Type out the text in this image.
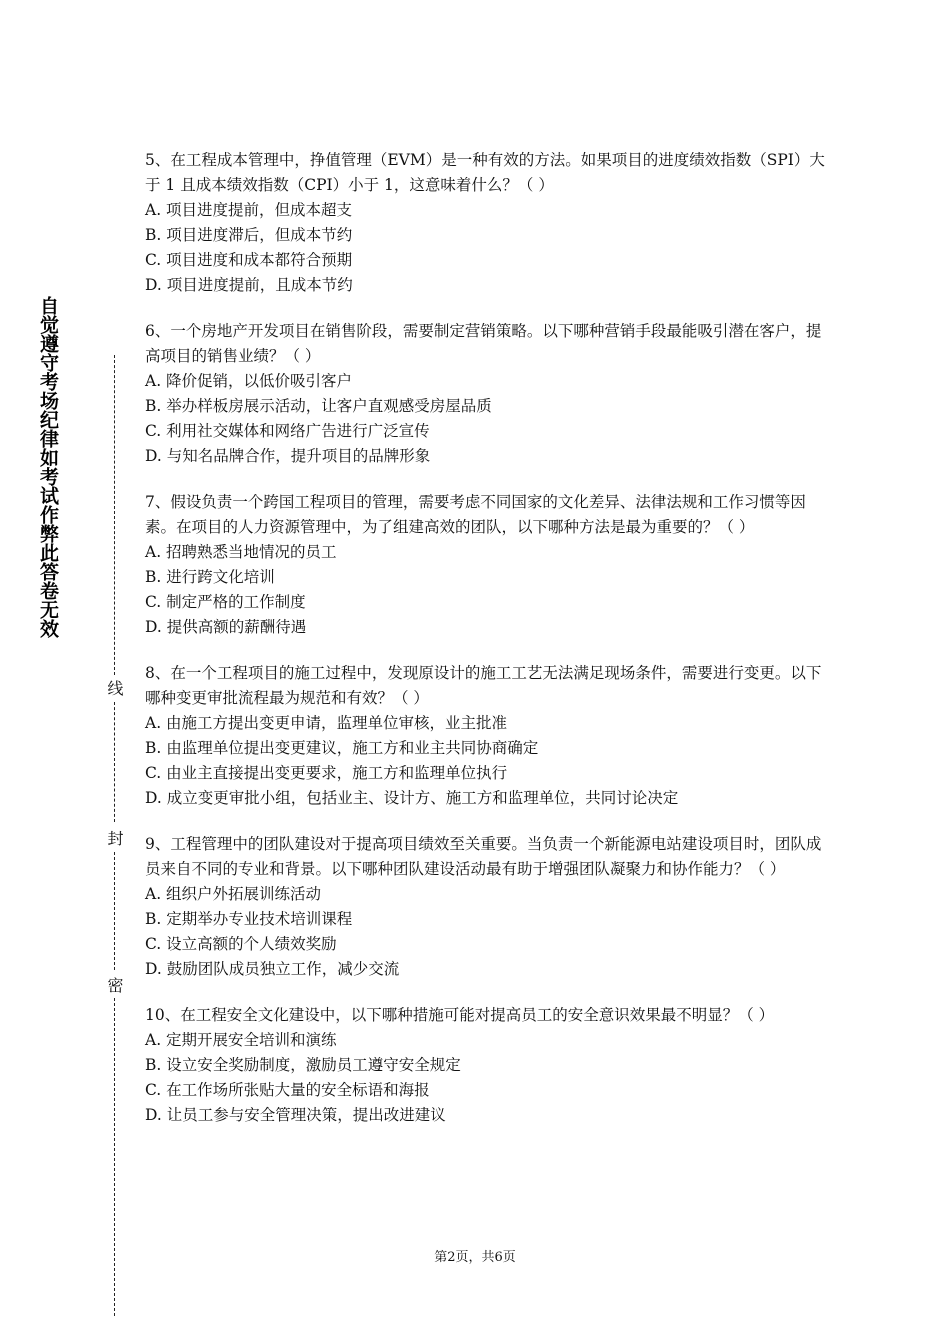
自觉遵守考场纪律如考试作弊此答卷无效
线
封
密

5、在工程成本管理中，挣值管理（EVM）是一种有效的方法。如果项目的进度绩效指数（SPI）大于 1 且成本绩效指数（CPI）小于 1，这意味着什么？（ ）

A. 项目进度提前，但成本超支

B. 项目进度滞后，但成本节约

C. 项目进度和成本都符合预期

D. 项目进度提前，且成本节约

6、一个房地产开发项目在销售阶段，需要制定营销策略。以下哪种营销手段最能吸引潜在客户，提高项目的销售业绩？（ ）

A. 降价促销，以低价吸引客户

B. 举办样板房展示活动，让客户直观感受房屋品质

C. 利用社交媒体和网络广告进行广泛宣传

D. 与知名品牌合作，提升项目的品牌形象

7、假设负责一个跨国工程项目的管理，需要考虑不同国家的文化差异、法律法规和工作习惯等因素。在项目的人力资源管理中，为了组建高效的团队，以下哪种方法是最为重要的？（ ）

A. 招聘熟悉当地情况的员工

B. 进行跨文化培训

C. 制定严格的工作制度

D. 提供高额的薪酬待遇

8、在一个工程项目的施工过程中，发现原设计的施工工艺无法满足现场条件，需要进行变更。以下哪种变更审批流程最为规范和有效？（ ）

A. 由施工方提出变更申请，监理单位审核，业主批准

B. 由监理单位提出变更建议，施工方和业主共同协商确定

C. 由业主直接提出变更要求，施工方和监理单位执行

D. 成立变更审批小组，包括业主、设计方、施工方和监理单位，共同讨论决定

9、工程管理中的团队建设对于提高项目绩效至关重要。当负责一个新能源电站建设项目时，团队成员来自不同的专业和背景。以下哪种团队建设活动最有助于增强团队凝聚力和协作能力？（ ）

A. 组织户外拓展训练活动

B. 定期举办专业技术培训课程

C. 设立高额的个人绩效奖励

D. 鼓励团队成员独立工作，减少交流

10、在工程安全文化建设中，以下哪种措施可能对提高员工的安全意识效果最不明显？（ ）

A. 定期开展安全培训和演练

B. 设立安全奖励制度，激励员工遵守安全规定

C. 在工作场所张贴大量的安全标语和海报

D. 让员工参与安全管理决策，提出改进建议

第2页，共6页
